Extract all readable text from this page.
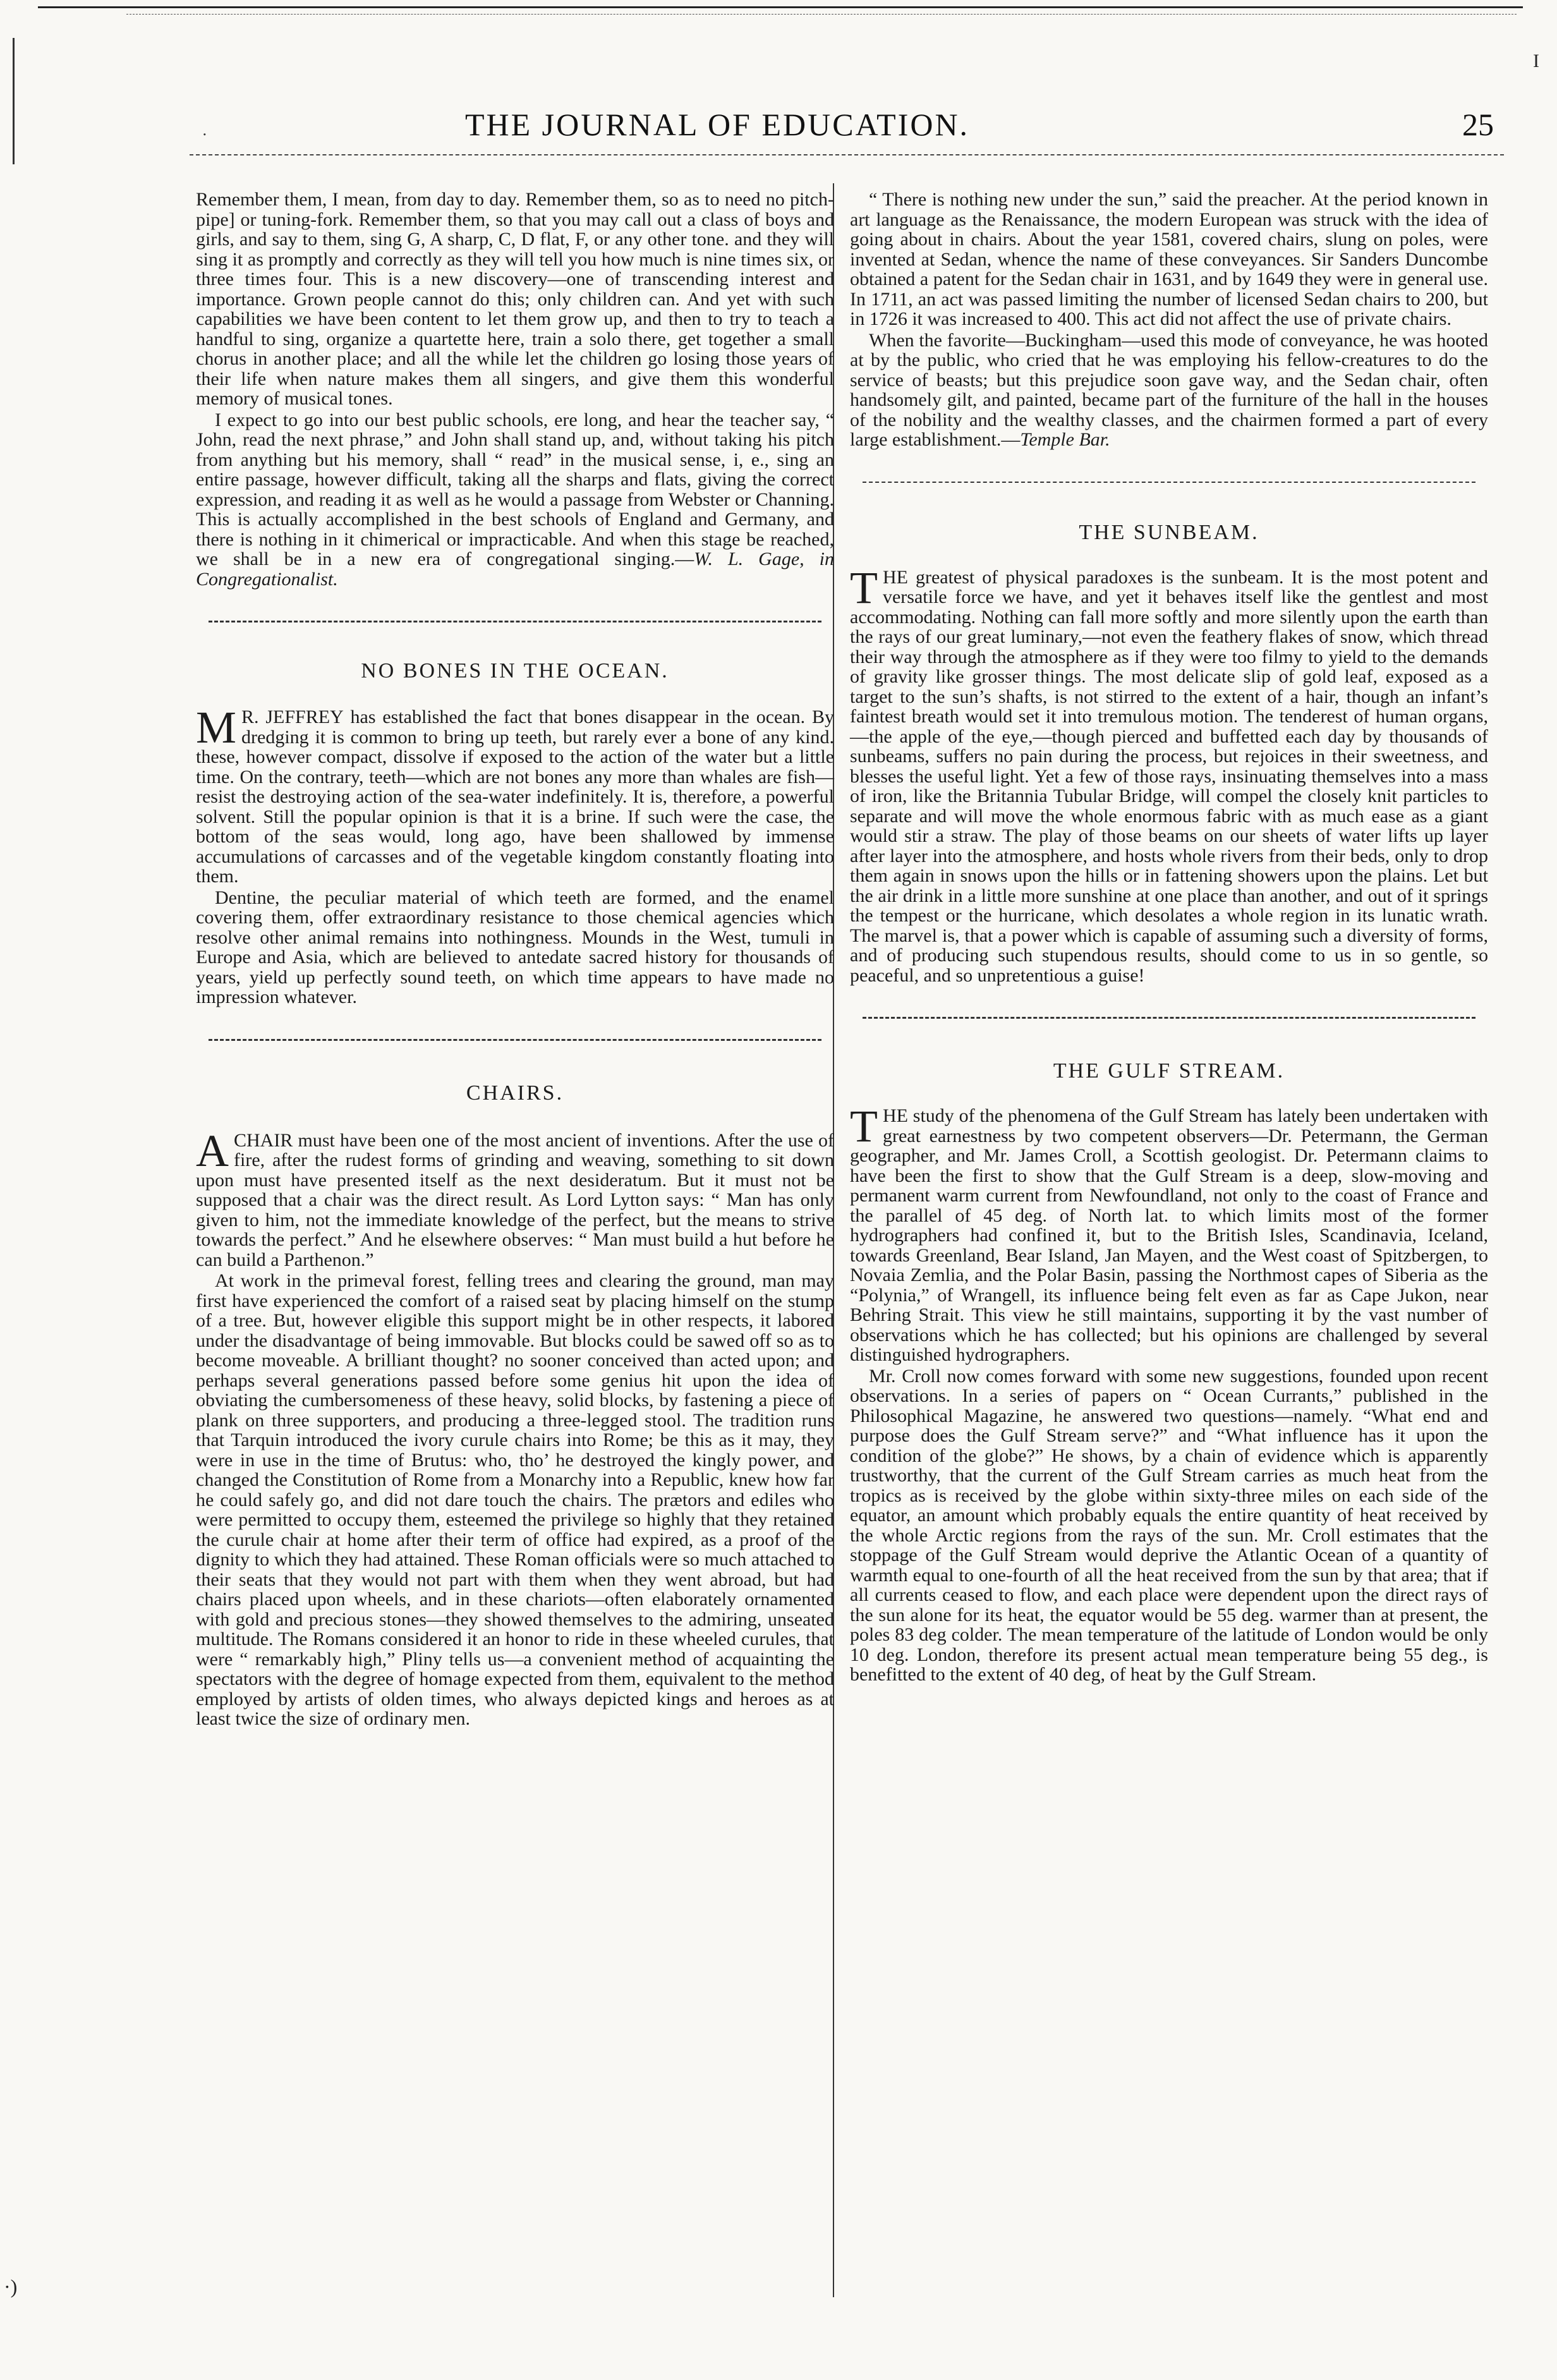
I
·)
.	THE JOURNAL OF EDUCATION.	25

Remember them, I mean, from day to day. Remember them, so as to need no pitch-pipe] or tuning-fork. Remember them, so that you may call out a class of boys and girls, and say to them, sing G, A sharp, C, D flat, F, or any other tone. and they will sing it as promptly and correctly as they will tell you how much is nine times six, or three times four. This is a new discovery—one of transcending interest and importance. Grown people cannot do this; only children can. And yet with such capabilities we have been content to let them grow up, and then to try to teach a handful to sing, organize a quartette here, train a solo there, get together a small chorus in another place; and all the while let the children go losing those years of their life when nature makes them all singers, and give them this wonderful memory of musical tones.

I expect to go into our best public schools, ere long, and hear the teacher say, “ John, read the next phrase,” and John shall stand up, and, without taking his pitch from anything but his memory, shall “ read” in the musical sense, i, e., sing an entire passage, however difficult, taking all the sharps and flats, giving the correct expression, and reading it as well as he would a passage from Webster or Channing. This is actually accomplished in the best schools of England and Germany, and there is nothing in it chimerical or impracticable. And when this stage be reached, we shall be in a new era of congregational singing.—W. L. Gage, in Congregationalist.

NO BONES IN THE OCEAN.

M R. JEFFREY has established the fact that bones disappear in the ocean. By dredging it is common to bring up teeth, but rarely ever a bone of any kind. these, however compact, dissolve if exposed to the action of the water but a little time. On the contrary, teeth—which are not bones any more than whales are fish—resist the destroying action of the sea-water indefinitely. It is, therefore, a powerful solvent. Still the popular opinion is that it is a brine. If such were the case, the bottom of the seas would, long ago, have been shallowed by immense accumulations of carcasses and of the vegetable kingdom constantly floating into them.

Dentine, the peculiar material of which teeth are formed, and the enamel covering them, offer extraordinary resistance to those chemical agencies which resolve other animal remains into nothingness. Mounds in the West, tumuli in Europe and Asia, which are believed to antedate sacred history for thousands of years, yield up perfectly sound teeth, on which time appears to have made no impression whatever.

CHAIRS.

A CHAIR must have been one of the most ancient of inventions. After the use of fire, after the rudest forms of grinding and weaving, something to sit down upon must have presented itself as the next desideratum. But it must not be supposed that a chair was the direct result. As Lord Lytton says: “ Man has only given to him, not the immediate knowledge of the perfect, but the means to strive towards the perfect.” And he elsewhere observes: “ Man must build a hut before he can build a Parthenon.”

At work in the primeval forest, felling trees and clearing the ground, man may first have experienced the comfort of a raised seat by placing himself on the stump of a tree. But, however eligible this support might be in other respects, it labored under the disadvantage of being immovable. But blocks could be sawed off so as to become moveable. A brilliant thought? no sooner conceived than acted upon; and perhaps several generations passed before some genius hit upon the idea of obviating the cumbersomeness of these heavy, solid blocks, by fastening a piece of plank on three supporters, and producing a three-legged stool. The tradition runs that Tarquin introduced the ivory curule chairs into Rome; be this as it may, they were in use in the time of Brutus: who, tho’ he destroyed the kingly power, and changed the Constitution of Rome from a Monarchy into a Republic, knew how far he could safely go, and did not dare touch the chairs. The prætors and ediles who were permitted to occupy them, esteemed the privilege so highly that they retained the curule chair at home after their term of office had expired, as a proof of the dignity to which they had attained. These Roman officials were so much attached to their seats that they would not part with them when they went abroad, but had chairs placed upon wheels, and in these chariots—often elaborately ornamented with gold and precious stones—they showed themselves to the admiring, unseated multitude. The Romans considered it an honor to ride in these wheeled curules, that were “ remarkably high,” Pliny tells us—a convenient method of acquainting the spectators with the degree of homage expected from them, equivalent to the method employed by artists of olden times, who always depicted kings and heroes as at least twice the size of ordinary men.

“ There is nothing new under the sun,” said the preacher. At the period known in art language as the Renaissance, the modern European was struck with the idea of going about in chairs. About the year 1581, covered chairs, slung on poles, were invented at Sedan, whence the name of these conveyances. Sir Sanders Duncombe obtained a patent for the Sedan chair in 1631, and by 1649 they were in general use. In 1711, an act was passed limiting the number of licensed Sedan chairs to 200, but in 1726 it was increased to 400. This act did not affect the use of private chairs.

When the favorite—Buckingham—used this mode of conveyance, he was hooted at by the public, who cried that he was employing his fellow-creatures to do the service of beasts; but this prejudice soon gave way, and the Sedan chair, often handsomely gilt, and painted, became part of the furniture of the hall in the houses of the nobility and the wealthy classes, and the chairmen formed a part of every large establishment.—Temple Bar.

THE SUNBEAM.

THE greatest of physical paradoxes is the sunbeam. It is the most potent and versatile force we have, and yet it behaves itself like the gentlest and most accommodating. Nothing can fall more softly and more silently upon the earth than the rays of our great luminary,—not even the feathery flakes of snow, which thread their way through the atmosphere as if they were too filmy to yield to the demands of gravity like grosser things. The most delicate slip of gold leaf, exposed as a target to the sun’s shafts, is not stirred to the extent of a hair, though an infant’s faintest breath would set it into tremulous motion. The tenderest of human organs,—the apple of the eye,—though pierced and buffetted each day by thousands of sunbeams, suffers no pain during the process, but rejoices in their sweetness, and blesses the useful light. Yet a few of those rays, insinuating themselves into a mass of iron, like the Britannia Tubular Bridge, will compel the closely knit particles to separate and will move the whole enormous fabric with as much ease as a giant would stir a straw. The play of those beams on our sheets of water lifts up layer after layer into the atmosphere, and hosts whole rivers from their beds, only to drop them again in snows upon the hills or in fattening showers upon the plains. Let but the air drink in a little more sunshine at one place than another, and out of it springs the tempest or the hurricane, which desolates a whole region in its lunatic wrath. The marvel is, that a power which is capable of assuming such a diversity of forms, and of producing such stupendous results, should come to us in so gentle, so peaceful, and so unpretentious a guise!

THE GULF STREAM.

THE study of the phenomena of the Gulf Stream has lately been undertaken with great earnestness by two competent observers—Dr. Petermann, the German geographer, and Mr. James Croll, a Scottish geologist. Dr. Petermann claims to have been the first to show that the Gulf Stream is a deep, slow-moving and permanent warm current from Newfoundland, not only to the coast of France and the parallel of 45 deg. of North lat. to which limits most of the former hydrographers had confined it, but to the British Isles, Scandinavia, Iceland, towards Greenland, Bear Island, Jan Mayen, and the West coast of Spitzbergen, to Novaia Zemlia, and the Polar Basin, passing the Northmost capes of Siberia as the “Polynia,” of Wrangell, its influence being felt even as far as Cape Jukon, near Behring Strait. This view he still maintains, supporting it by the vast number of observations which he has collected; but his opinions are challenged by several distinguished hydrographers.

Mr. Croll now comes forward with some new suggestions, founded upon recent observations. In a series of papers on “ Ocean Currants,” published in the Philosophical Magazine, he answered two questions—namely. “What end and purpose does the Gulf Stream serve?” and “What influence has it upon the condition of the globe?” He shows, by a chain of evidence which is apparently trustworthy, that the current of the Gulf Stream carries as much heat from the tropics as is received by the globe within sixty-three miles on each side of the equator, an amount which probably equals the entire quantity of heat received by the whole Arctic regions from the rays of the sun. Mr. Croll estimates that the stoppage of the Gulf Stream would deprive the Atlantic Ocean of a quantity of warmth equal to one-fourth of all the heat received from the sun by that area; that if all currents ceased to flow, and each place were dependent upon the direct rays of the sun alone for its heat, the equator would be 55 deg. warmer than at present, the poles 83 deg colder. The mean temperature of the latitude of London would be only 10 deg. London, therefore its present actual mean temperature being 55 deg., is benefitted to the extent of 40 deg, of heat by the Gulf Stream.
